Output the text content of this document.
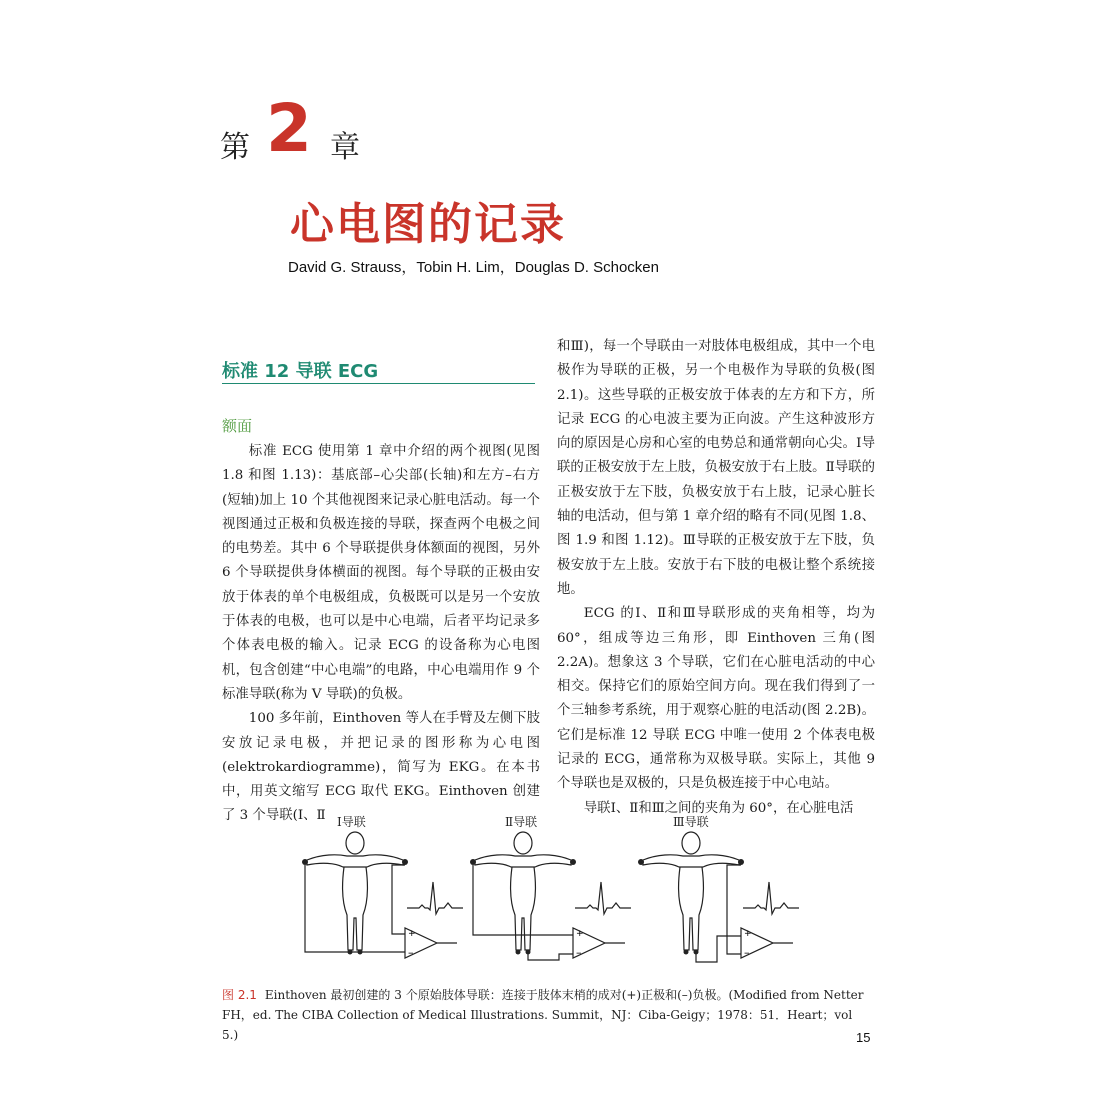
第 2 章
心电图的记录
David G. Strauss，Tobin H. Lim，Douglas D. Schocken
标准 12 导联 ECG
额面

标准 ECG 使用第 1 章中介绍的两个视图(见图 1.8 和图 1.13)：基底部–心尖部(长轴)和左方–右方(短轴)加上 10 个其他视图来记录心脏电活动。每一个视图通过正极和负极连接的导联，探查两个电极之间的电势差。其中 6 个导联提供身体额面的视图，另外 6 个导联提供身体横面的视图。每个导联的正极由安放于体表的单个电极组成，负极既可以是另一个安放于体表的电极，也可以是中心电端，后者平均记录多个体表电极的输入。记录 ECG 的设备称为心电图机，包含创建“中心电端”的电路，中心电端用作 9 个标准导联(称为 V 导联)的负极。

100 多年前，Einthoven 等人在手臂及左侧下肢安放记录电极，并把记录的图形称为心电图(elektrokardiogramme)，简写为 EKG。在本书中，用英文缩写 ECG 取代 EKG。Einthoven 创建了 3 个导联(Ⅰ、Ⅱ

和Ⅲ)，每一个导联由一对肢体电极组成，其中一个电极作为导联的正极，另一个电极作为导联的负极(图 2.1)。这些导联的正极安放于体表的左方和下方，所记录 ECG 的心电波主要为正向波。产生这种波形方向的原因是心房和心室的电势总和通常朝向心尖。Ⅰ导联的正极安放于左上肢，负极安放于右上肢。Ⅱ导联的正极安放于左下肢，负极安放于右上肢，记录心脏长轴的电活动，但与第 1 章介绍的略有不同(见图 1.8、图 1.9 和图 1.12)。Ⅲ导联的正极安放于左下肢，负极安放于左上肢。安放于右下肢的电极让整个系统接地。

ECG 的Ⅰ、Ⅱ和Ⅲ导联形成的夹角相等，均为 60°，组成等边三角形，即 Einthoven 三角(图 2.2A)。想象这 3 个导联，它们在心脏电活动的中心相交。保持它们的原始空间方向。现在我们得到了一个三轴参考系统，用于观察心脏的电活动(图 2.2B)。它们是标准 12 导联 ECG 中唯一使用 2 个体表电极记录的 ECG，通常称为双极导联。实际上，其他 9 个导联也是双极的，只是负极连接于中心电站。

导联Ⅰ、Ⅱ和Ⅲ之间的夹角为 60°，在心脏电活

Ⅰ导联	Ⅱ导联	Ⅲ导联
图 2.1 Einthoven 最初创建的 3 个原始肢体导联：连接于肢体末梢的成对(+)正极和(–)负极。(Modified from Netter FH，ed. The CIBA Collection of Medical Illustrations. Summit，NJ：Ciba-Geigy；1978：51．Heart；vol 5.)	15
